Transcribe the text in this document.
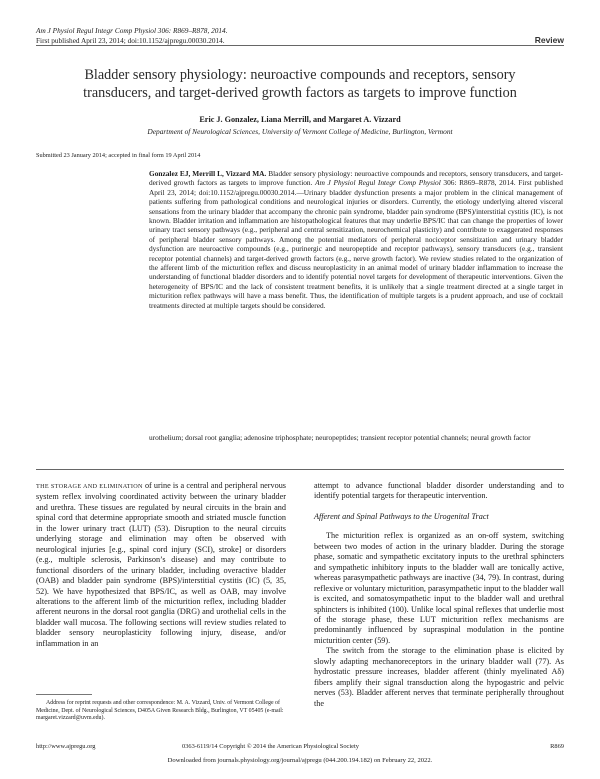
Am J Physiol Regul Integr Comp Physiol 306: R869–R878, 2014.
First published April 23, 2014; doi:10.1152/ajpregu.00030.2014.	Review
Bladder sensory physiology: neuroactive compounds and receptors, sensory
transducers, and target-derived growth factors as targets to improve function
Eric J. Gonzalez, Liana Merrill, and Margaret A. Vizzard
Department of Neurological Sciences, University of Vermont College of Medicine, Burlington, Vermont
Submitted 23 January 2014; accepted in final form 19 April 2014
Gonzalez EJ, Merrill L, Vizzard MA. Bladder sensory physiology: neuroactive compounds and receptors, sensory transducers, and target-derived growth factors as targets to improve function. Am J Physiol Regul Integr Comp Physiol 306: R869–R878, 2014. First published April 23, 2014; doi:10.1152/ajpregu.00030.2014.—Urinary bladder dysfunction presents a major problem in the clinical management of patients suffering from pathological conditions and neurological injuries or disorders. Currently, the etiology underlying altered visceral sensations from the urinary bladder that accompany the chronic pain syndrome, bladder pain syndrome (BPS)/interstitial cystitis (IC), is not known. Bladder irritation and inflammation are histopathological features that may underlie BPS/IC that can change the properties of lower urinary tract sensory pathways (e.g., peripheral and central sensitization, neurochemical plasticity) and contribute to exaggerated responses of peripheral bladder sensory pathways. Among the potential mediators of peripheral nociceptor sensitization and urinary bladder dysfunction are neuroactive compounds (e.g., purinergic and neuropeptide and receptor pathways), sensory transducers (e.g., transient receptor potential channels) and target-derived growth factors (e.g., nerve growth factor). We review studies related to the organization of the afferent limb of the micturition reflex and discuss neuroplasticity in an animal model of urinary bladder inflammation to increase the understanding of functional bladder disorders and to identify potential novel targets for development of therapeutic interventions. Given the heterogeneity of BPS/IC and the lack of consistent treatment benefits, it is unlikely that a single treatment directed at a single target in micturition reflex pathways will have a mass benefit. Thus, the identification of multiple targets is a prudent approach, and use of cocktail treatments directed at multiple targets should be considered.
urothelium; dorsal root ganglia; adenosine triphosphate; neuropeptides; transient receptor potential channels; neural growth factor

THE STORAGE AND ELIMINATION of urine is a central and peripheral nervous system reflex involving coordinated activity between the urinary bladder and urethra. These tissues are regulated by neural circuits in the brain and spinal cord that determine appropriate smooth and striated muscle function in the lower urinary tract (LUT) (53). Disruption to the neural circuits underlying storage and elimination may often be observed with neurological injuries [e.g., spinal cord injury (SCI), stroke] or disorders (e.g., multiple sclerosis, Parkinson’s disease) and may contribute to functional disorders of the urinary bladder, including overactive bladder (OAB) and bladder pain syndrome (BPS)/interstitial cystitis (IC) (5, 35, 52). We have hypothesized that BPS/IC, as well as OAB, may involve alterations to the afferent limb of the micturition reflex, including bladder afferent neurons in the dorsal root ganglia (DRG) and urothelial cells in the bladder wall mucosa. The following sections will review studies related to bladder sensory neuroplasticity following injury, disease, and/or inflammation in an

attempt to advance functional bladder disorder understanding and to identify potential targets for therapeutic intervention.

Afferent and Spinal Pathways to the Urogenital Tract

The micturition reflex is organized as an on-off system, switching between two modes of action in the urinary bladder. During the storage phase, somatic and sympathetic excitatory inputs to the urethral sphincters and sympathetic inhibitory inputs to the bladder wall are tonically active, whereas parasympathetic pathways are inactive (34, 79). In contrast, during reflexive or voluntary micturition, parasympathetic input to the bladder wall is excited, and somatosympathetic input to the bladder wall and urethral sphincters is inhibited (100). Unlike local spinal reflexes that underlie most of the storage phase, these LUT micturition reflex mechanisms are predominantly influenced by supraspinal modulation in the pontine micturition center (59).

The switch from the storage to the elimination phase is elicited by slowly adapting mechanoreceptors in the urinary bladder wall (77). As hydrostatic pressure increases, bladder afferent (thinly myelinated Aδ) fibers amplify their signal transduction along the hypogastric and pelvic nerves (53). Bladder afferent nerves that terminate peripherally throughout the

Address for reprint requests and other correspondence: M. A. Vizzard, Univ. of Vermont College of Medicine, Dept. of Neurological Sciences, D405A Given Research Bldg., Burlington, VT 05405 (e-mail: margaret.vizzard@uvm.edu).
http://www.ajpregu.org	0363-6119/14 Copyright © 2014 the American Physiological Society	R869
Downloaded from journals.physiology.org/journal/ajpregu (044.200.194.182) on February 22, 2022.
